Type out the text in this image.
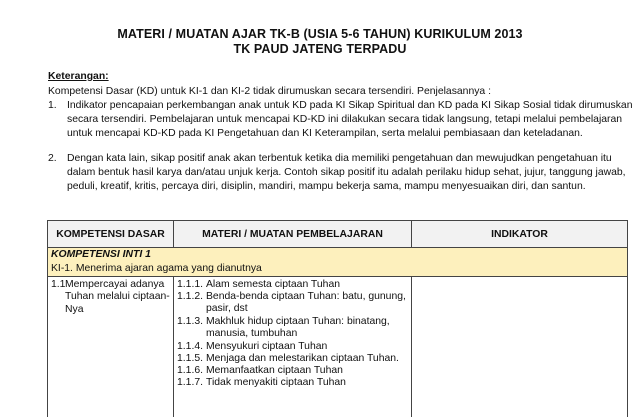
MATERI / MUATAN AJAR TK-B (USIA 5-6 TAHUN) KURIKULUM 2013
TK PAUD JATENG TERPADU
Keterangan:
Kompetensi Dasar (KD) untuk KI-1 dan KI-2 tidak dirumuskan secara tersendiri. Penjelasannya :
1. Indikator pencapaian perkembangan anak untuk KD pada KI Sikap Spiritual dan KD pada KI Sikap Sosial tidak dirumuskan
secara tersendiri. Pembelajaran untuk mencapai KD-KD ini dilakukan secara tidak langsung, tetapi melalui pembelajaran
untuk mencapai KD-KD pada KI Pengetahuan dan KI Keterampilan, serta melalui pembiasaan dan keteladanan.
2. Dengan kata lain, sikap positif anak akan terbentuk ketika dia memiliki pengetahuan dan mewujudkan pengetahuan itu
dalam bentuk hasil karya dan/atau unjuk kerja. Contoh sikap positif itu adalah perilaku hidup sehat, jujur, tanggung jawab,
peduli, kreatif, kritis, percaya diri, disiplin, mandiri, mampu bekerja sama, mampu menyesuaikan diri, dan santun.
KOMPETENSI DASAR	MATERI / MUATAN PEMBELAJARAN	INDIKATOR
KOMPETENSI INTI 1
KI-1. Menerima ajaran agama yang dianutnya
1.1 Mempercayai adanya
Tuhan melalui ciptaan-
Nya
1.1.1. Alam semesta ciptaan Tuhan
1.1.2. Benda-benda ciptaan Tuhan: batu, gunung,
pasir, dst
1.1.3. Makhluk hidup ciptaan Tuhan: binatang,
manusia, tumbuhan
1.1.4. Mensyukuri ciptaan Tuhan
1.1.5. Menjaga dan melestarikan ciptaan Tuhan.
1.1.6. Memanfaatkan ciptaan Tuhan
1.1.7. Tidak menyakiti ciptaan Tuhan
